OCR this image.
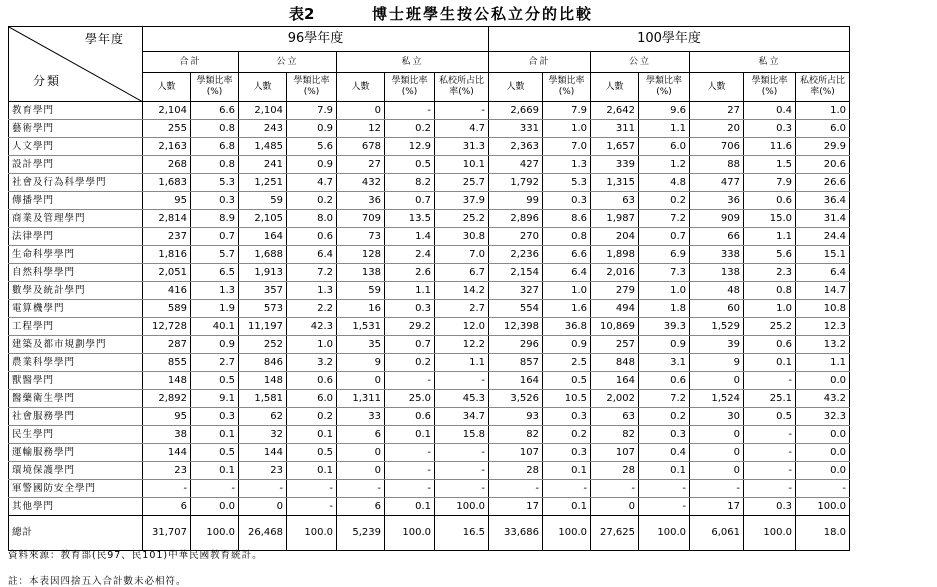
表2	博士班學生按公私立分的比較
學年度
分類	96學年度							100學年度						
	合計		公立		私立			合計		公立		私立		
	人數	學類比率(%)	人數	學類比率(%)	人數	學類比率(%)	私校所占比率(%)	人數	學類比率(%)	人數	學類比率(%)	人數	學類比率(%)	私校所占比率(%)
教育學門	2,104	6.6	2,104	7.9	0	-	-	2,669	7.9	2,642	9.6	27	0.4	1.0
藝術學門	255	0.8	243	0.9	12	0.2	4.7	331	1.0	311	1.1	20	0.3	6.0
人文學門	2,163	6.8	1,485	5.6	678	12.9	31.3	2,363	7.0	1,657	6.0	706	11.6	29.9
設計學門	268	0.8	241	0.9	27	0.5	10.1	427	1.3	339	1.2	88	1.5	20.6
社會及行為科學學門	1,683	5.3	1,251	4.7	432	8.2	25.7	1,792	5.3	1,315	4.8	477	7.9	26.6
傳播學門	95	0.3	59	0.2	36	0.7	37.9	99	0.3	63	0.2	36	0.6	36.4
商業及管理學門	2,814	8.9	2,105	8.0	709	13.5	25.2	2,896	8.6	1,987	7.2	909	15.0	31.4
法律學門	237	0.7	164	0.6	73	1.4	30.8	270	0.8	204	0.7	66	1.1	24.4
生命科學學門	1,816	5.7	1,688	6.4	128	2.4	7.0	2,236	6.6	1,898	6.9	338	5.6	15.1
自然科學學門	2,051	6.5	1,913	7.2	138	2.6	6.7	2,154	6.4	2,016	7.3	138	2.3	6.4
數學及統計學門	416	1.3	357	1.3	59	1.1	14.2	327	1.0	279	1.0	48	0.8	14.7
電算機學門	589	1.9	573	2.2	16	0.3	2.7	554	1.6	494	1.8	60	1.0	10.8
工程學門	12,728	40.1	11,197	42.3	1,531	29.2	12.0	12,398	36.8	10,869	39.3	1,529	25.2	12.3
建築及都市規劃學門	287	0.9	252	1.0	35	0.7	12.2	296	0.9	257	0.9	39	0.6	13.2
農業科學學門	855	2.7	846	3.2	9	0.2	1.1	857	2.5	848	3.1	9	0.1	1.1
獸醫學門	148	0.5	148	0.6	0	-	-	164	0.5	164	0.6	0	-	0.0
醫藥衛生學門	2,892	9.1	1,581	6.0	1,311	25.0	45.3	3,526	10.5	2,002	7.2	1,524	25.1	43.2
社會服務學門	95	0.3	62	0.2	33	0.6	34.7	93	0.3	63	0.2	30	0.5	32.3
民生學門	38	0.1	32	0.1	6	0.1	15.8	82	0.2	82	0.3	0	-	0.0
運輸服務學門	144	0.5	144	0.5	0	-	-	107	0.3	107	0.4	0	-	0.0
環境保護學門	23	0.1	23	0.1	0	-	-	28	0.1	28	0.1	0	-	0.0
軍警國防安全學門	-	-	-	-	-	-	-	-	-	-	-	-	-	-
其他學門	6	0.0	0	-	6	0.1	100.0	17	0.1	0	-	17	0.3	100.0
總計	31,707	100.0	26,468	100.0	5,239	100.0	16.5	33,686	100.0	27,625	100.0	6,061	100.0	18.0
資料來源：教育部(民97、民101)中華民國教育統計。
註：本表因四捨五入合計數未必相符。
